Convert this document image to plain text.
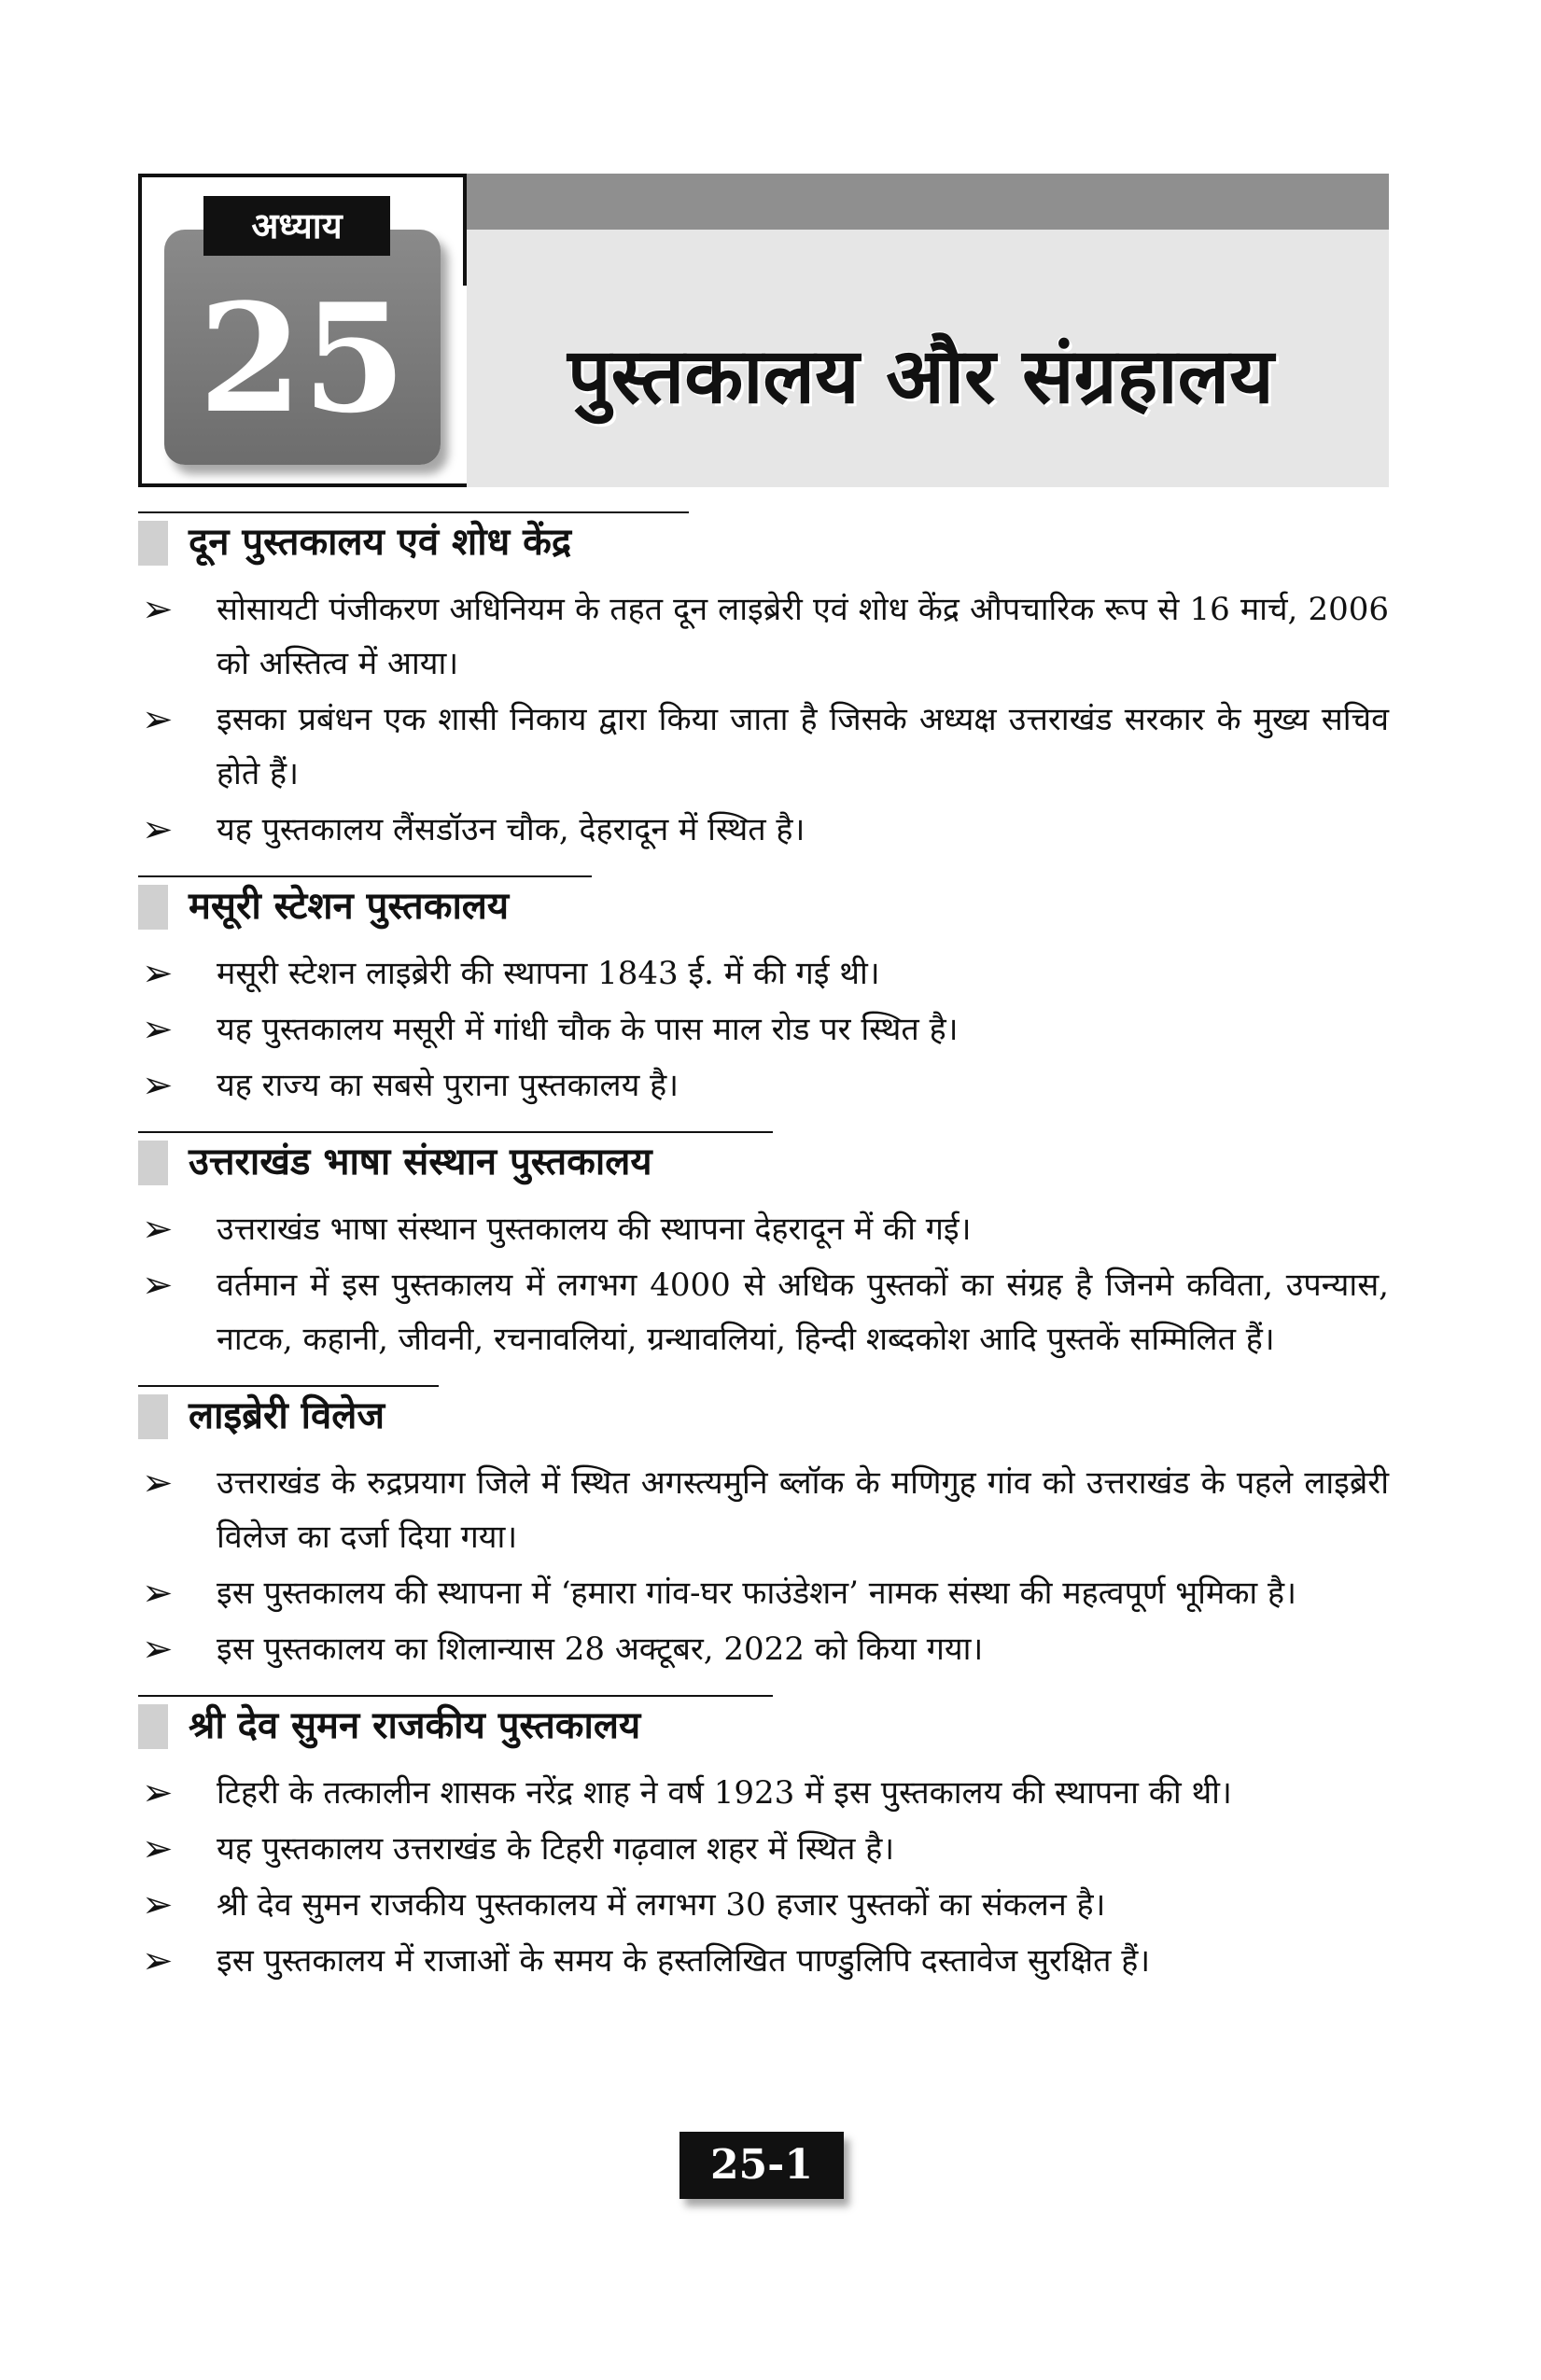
अध्याय
25	पुस्तकालय और संग्रहालय
दून पुस्तकालय एवं शोध केंद्र
➢ सोसायटी पंजीकरण अधिनियम के तहत दून लाइब्रेरी एवं शोध केंद्र औपचारिक रूप से 16 मार्च, 2006 को अस्तित्व में आया।
➢ इसका प्रबंधन एक शासी निकाय द्वारा किया जाता है जिसके अध्यक्ष उत्तराखंड सरकार के मुख्य सचिव होते हैं।
➢ यह पुस्तकालय लैंसडॉउन चौक, देहरादून में स्थित है।
मसूरी स्टेशन पुस्तकालय
➢ मसूरी स्टेशन लाइब्रेरी की स्थापना 1843 ई. में की गई थी।
➢ यह पुस्तकालय मसूरी में गांधी चौक के पास माल रोड पर स्थित है।
➢ यह राज्य का सबसे पुराना पुस्तकालय है।
उत्तराखंड भाषा संस्थान पुस्तकालय
➢ उत्तराखंड भाषा संस्थान पुस्तकालय की स्थापना देहरादून में की गई।
➢ वर्तमान में इस पुस्तकालय में लगभग 4000 से अधिक पुस्तकों का संग्रह है जिनमे कविता, उपन्यास, नाटक, कहानी, जीवनी, रचनावलियां, ग्रन्थावलियां, हिन्दी शब्दकोश आदि पुस्तकें सम्मिलित हैं।
लाइब्रेरी विलेज
➢ उत्तराखंड के रुद्रप्रयाग जिले में स्थित अगस्त्यमुनि ब्लॉक के मणिगुह गांव को उत्तराखंड के पहले लाइब्रेरी विलेज का दर्जा दिया गया।
➢ इस पुस्तकालय की स्थापना में ‘हमारा गांव-घर फाउंडेशन’ नामक संस्था की महत्वपूर्ण भूमिका है।
➢ इस पुस्तकालय का शिलान्यास 28 अक्टूबर, 2022 को किया गया।
श्री देव सुमन राजकीय पुस्तकालय
➢ टिहरी के तत्कालीन शासक नरेंद्र शाह ने वर्ष 1923 में इस पुस्तकालय की स्थापना की थी।
➢ यह पुस्तकालय उत्तराखंड के टिहरी गढ़वाल शहर में स्थित है।
➢ श्री देव सुमन राजकीय पुस्तकालय में लगभग 30 हजार पुस्तकों का संकलन है।
➢ इस पुस्तकालय में राजाओं के समय के हस्तलिखित पाण्डुलिपि दस्तावेज सुरक्षित हैं।
25-1
